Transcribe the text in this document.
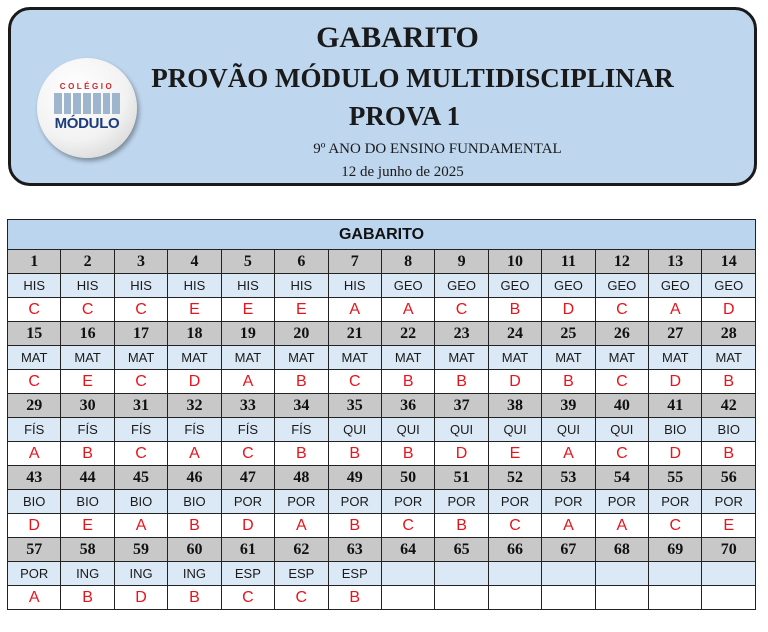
COLÉGIO
MÓDULO
GABARITO
PROVÃO MÓDULO MULTIDISCIPLINAR
PROVA 1
9º ANO DO ENSINO FUNDAMENTAL
12 de junho de 2025
GABARITO													
1	2	3	4	5	6	7	8	9	10	11	12	13	14
HIS	HIS	HIS	HIS	HIS	HIS	HIS	GEO	GEO	GEO	GEO	GEO	GEO	GEO
C	C	C	E	E	E	A	A	C	B	D	C	A	D
15	16	17	18	19	20	21	22	23	24	25	26	27	28
MAT	MAT	MAT	MAT	MAT	MAT	MAT	MAT	MAT	MAT	MAT	MAT	MAT	MAT
C	E	C	D	A	B	C	B	B	D	B	C	D	B
29	30	31	32	33	34	35	36	37	38	39	40	41	42
FÍS	FÍS	FÍS	FÍS	FÍS	FÍS	QUI	QUI	QUI	QUI	QUI	QUI	BIO	BIO
A	B	C	A	C	B	B	B	D	E	A	C	D	B
43	44	45	46	47	48	49	50	51	52	53	54	55	56
BIO	BIO	BIO	BIO	POR	POR	POR	POR	POR	POR	POR	POR	POR	POR
D	E	A	B	D	A	B	C	B	C	A	A	C	E
57	58	59	60	61	62	63	64	65	66	67	68	69	70
POR	ING	ING	ING	ESP	ESP	ESP							
A	B	D	B	C	C	B							
